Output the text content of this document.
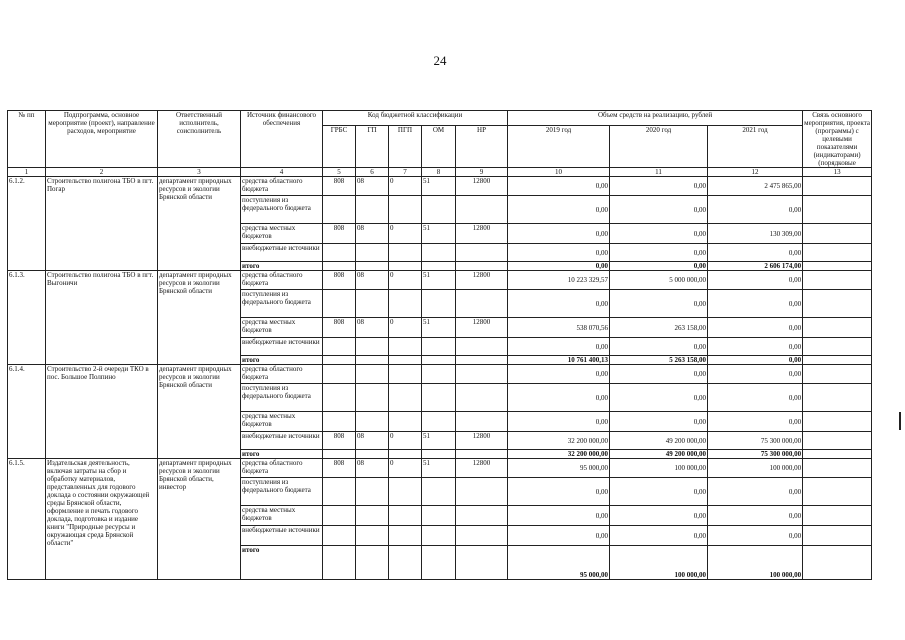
24
№ пп	Подпрограмма, основное мероприятие (проект), направление расходов, мероприятие	Ответственный исполнитель, соисполнитель	Источник финансового обеспечения	Код бюджетной классификации					Объем средств на реализацию, рублей			Связь основного мероприятия, проекта (программы) с целевыми показателями (индикаторами) (порядковые
				ГРБС	ГП	ПГП	ОМ	НР	2019 год	2020 год	2021 год	
1	2	3	4	5	6	7	8	9	10	11	12	13
6.1.2.	Строительство полигона ТБО в пгт. Погар	департамент природных ресурсов и экологии Брянской области	средства областного бюджета	808	08	0	51	12800	0,00	0,00	2 475 865,00	
			поступления из федерального бюджета						0,00	0,00	0,00	
			средства местных бюджетов	808	08	0	51	12800	0,00	0,00	130 309,00	
			внебюджетные источники						0,00	0,00	0,00	
			итого						0,00	0,00	2 606 174,00	
6.1.3.	Строительство полигона ТБО в пгт. Выгоничи	департамент природных ресурсов и экологии Брянской области	средства областного бюджета	808	08	0	51	12800	10 223 329,57	5 000 000,00	0,00	
			поступления из федерального бюджета						0,00	0,00	0,00	
			средства местных бюджетов	808	08	0	51	12800	538 070,56	263 158,00	0,00	
			внебюджетные источники						0,00	0,00	0,00	
			итого						10 761 400,13	5 263 158,00	0,00	
6.1.4.	Строительство 2-й очереди ТКО в пос. Большое Полпино	департамент природных ресурсов и экологии Брянской области	средства областного бюджета						0,00	0,00	0,00	
			поступления из федерального бюджета						0,00	0,00	0,00	
			средства местных бюджетов						0,00	0,00	0,00	
			внебюджетные источники	808	08	0	51	12800	32 200 000,00	49 200 000,00	75 300 000,00	
			итого						32 200 000,00	49 200 000,00	75 300 000,00	
6.1.5.	Издательская деятельность, включая затраты на сбор и обработку материалов, представленных для годового доклада о состоянии окружающей среды Брянской области, оформление и печать годового доклада, подготовка и издание книги "Природные ресурсы и окружающая среда Брянской области"	департамент природных ресурсов и экологии Брянской области, инвестор	средства областного бюджета	808	08	0	51	12800	95 000,00	100 000,00	100 000,00	
			поступления из федерального бюджета						0,00	0,00	0,00	
			средства местных бюджетов						0,00	0,00	0,00	
			внебюджетные источники						0,00	0,00	0,00	
			итого						95 000,00	100 000,00	100 000,00	
